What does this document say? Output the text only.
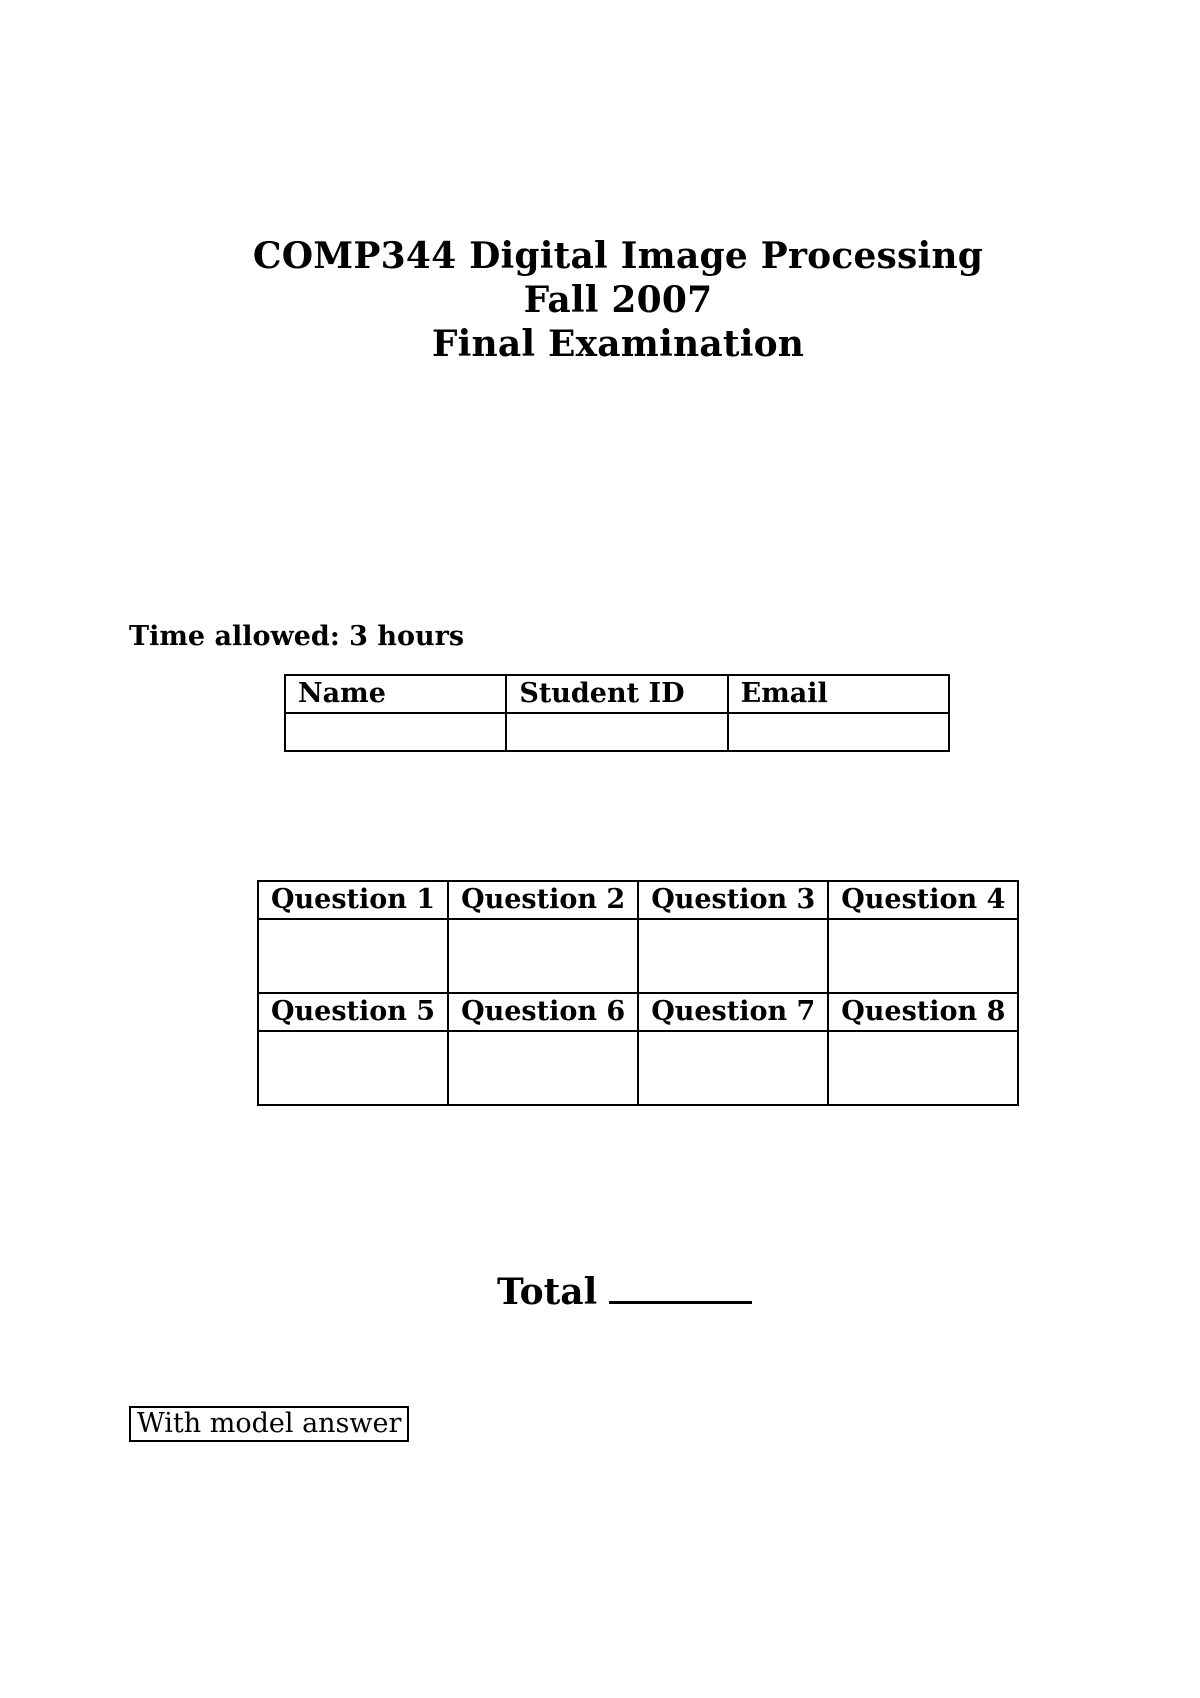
COMP344 Digital Image Processing
Fall 2007
Final Examination
Time allowed: 3 hours
Name	Student ID	Email

Question 1	Question 2	Question 3	Question 4

Question 5	Question 6	Question 7	Question 8

Total
With model answer
